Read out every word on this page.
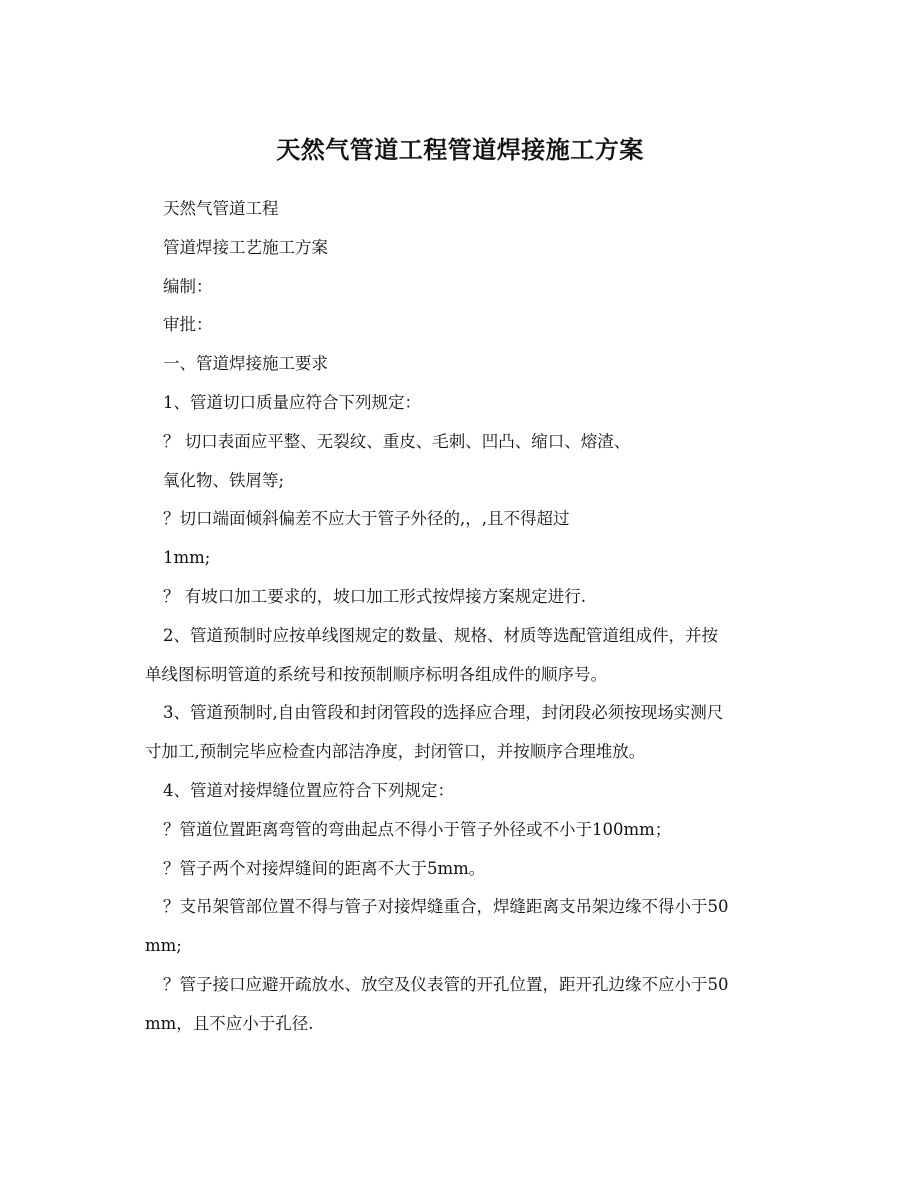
天然气管道工程管道焊接施工方案
天然气管道工程
管道焊接工艺施工方案
编制：
审批：
一、管道焊接施工要求
1、管道切口质量应符合下列规定：
？ 切口表面应平整、无裂纹、重皮、毛刺、凹凸、缩口、熔渣、
氧化物、铁屑等;
？切口端面倾斜偏差不应大于管子外径的,，,且不得超过
1mm;
？ 有坡口加工要求的，坡口加工形式按焊接方案规定进行.
2、管道预制时应按单线图规定的数量、规格、材质等选配管道组成件，并按
单线图标明管道的系统号和按预制顺序标明各组成件的顺序号。
3、管道预制时,自由管段和封闭管段的选择应合理，封闭段必须按现场实测尺
寸加工,预制完毕应检查内部洁净度，封闭管口，并按顺序合理堆放。
4、管道对接焊缝位置应符合下列规定：
？管道位置距离弯管的弯曲起点不得小于管子外径或不小于100mm；
？管子两个对接焊缝间的距离不大于5mm。
？支吊架管部位置不得与管子对接焊缝重合，焊缝距离支吊架边缘不得小于50
mm;
？管子接口应避开疏放水、放空及仪表管的开孔位置，距开孔边缘不应小于50
mm，且不应小于孔径.
